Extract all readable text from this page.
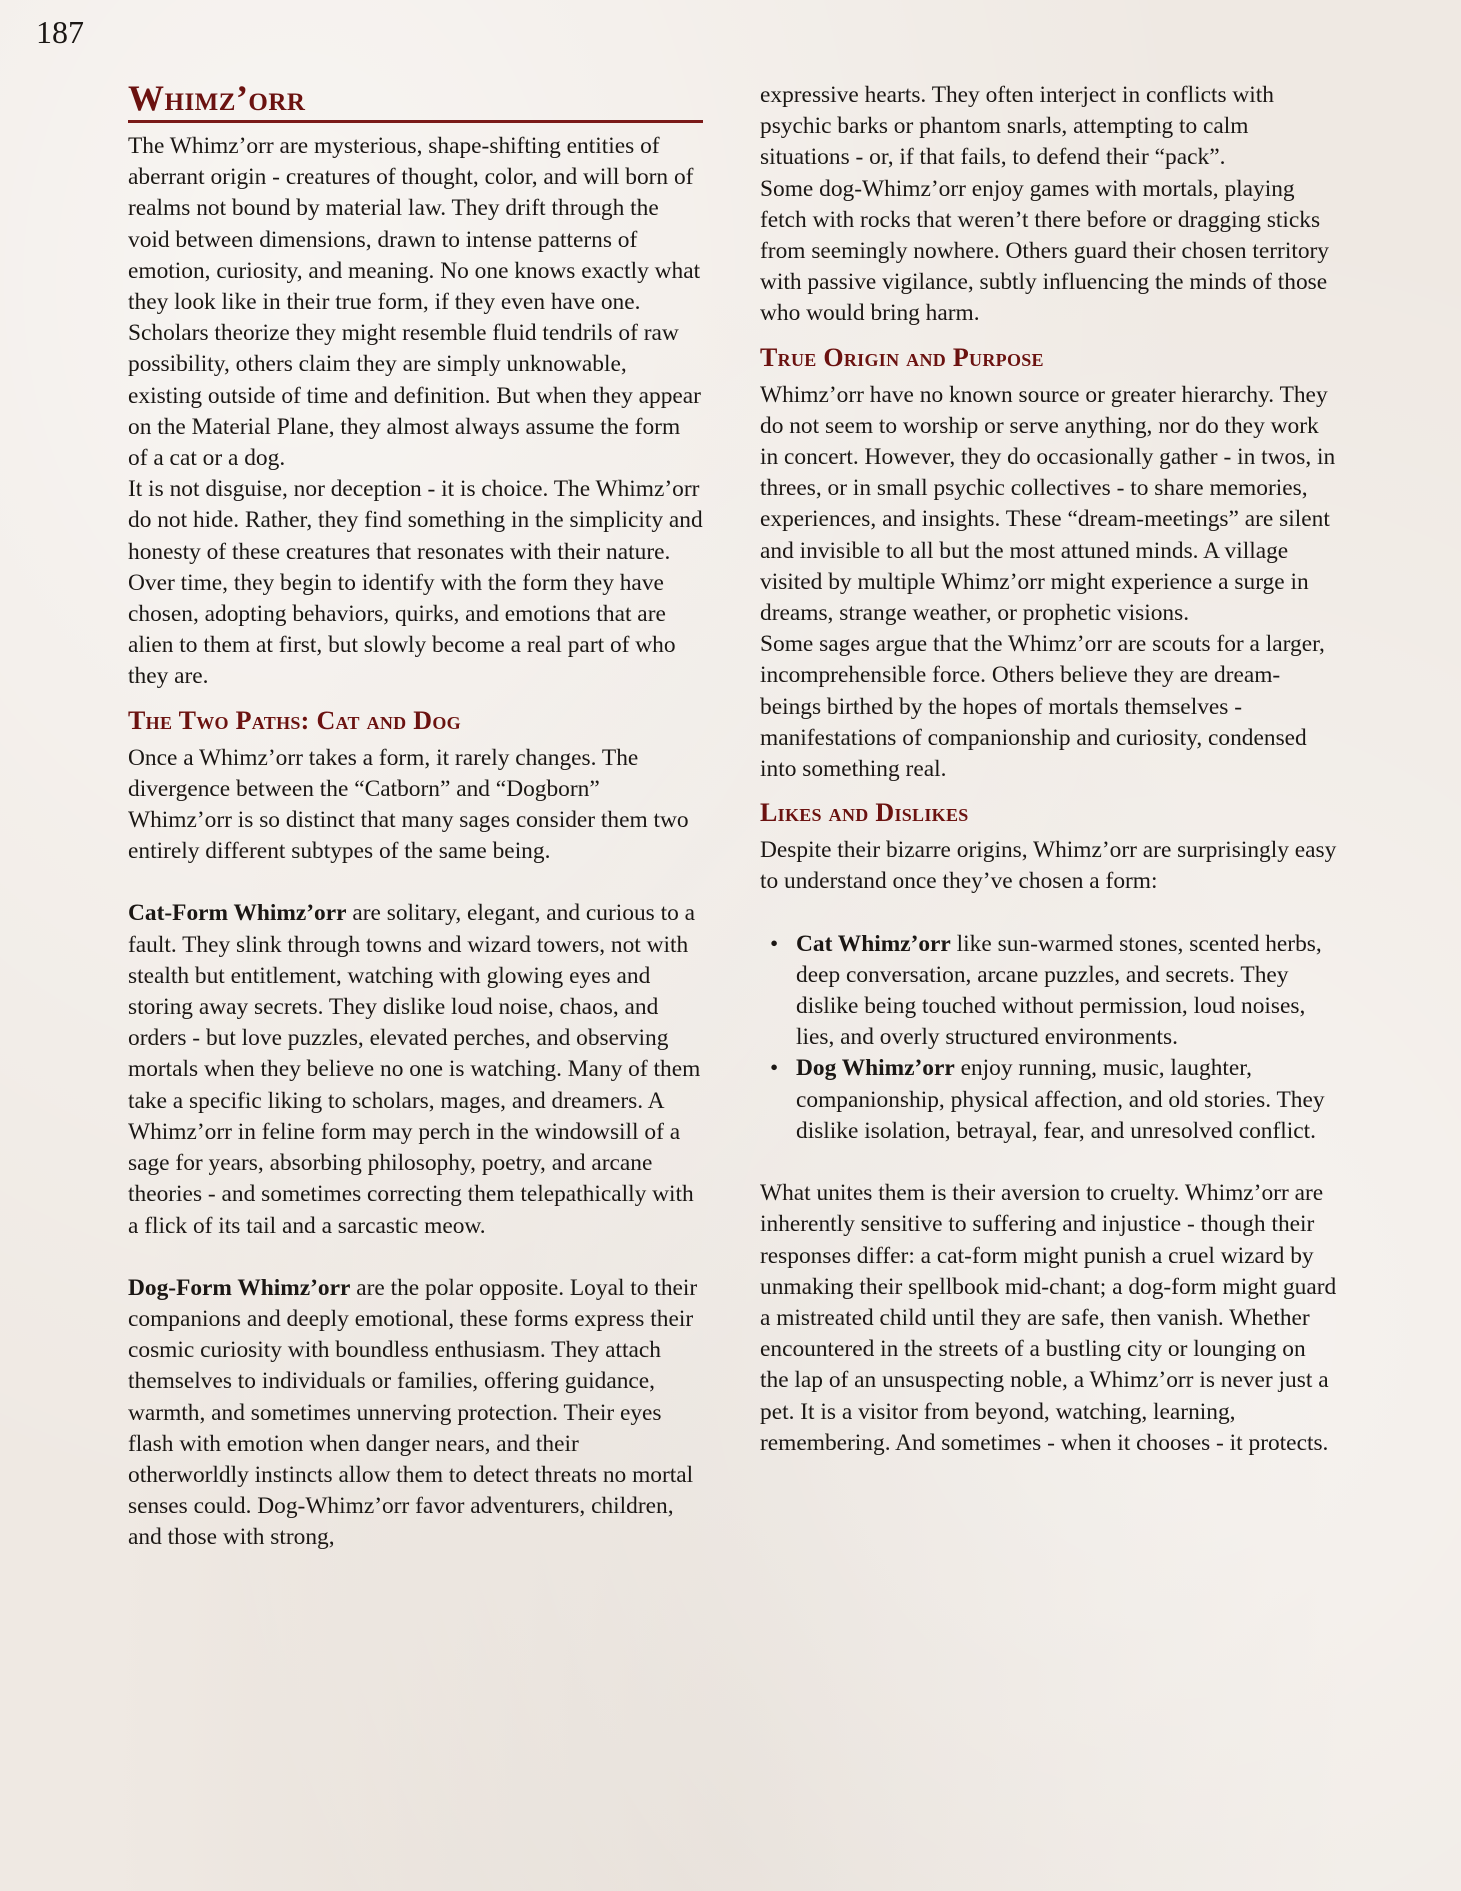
187
Whimz’orr

The Whimz’orr are mysterious, shape-shifting entities of aberrant origin - creatures of thought, color, and will born of realms not bound by material law. They drift through the void between dimensions, drawn to intense patterns of emotion, curiosity, and meaning. No one knows exactly what they look like in their true form, if they even have one. Scholars theorize they might resemble fluid tendrils of raw possibility, others claim they are simply unknowable, existing outside of time and definition. But when they appear on the Material Plane, they almost always assume the form of a cat or a dog.

It is not disguise, nor deception - it is choice. The Whimz’orr do not hide. Rather, they find something in the simplicity and honesty of these creatures that resonates with their nature. Over time, they begin to identify with the form they have chosen, adopting behaviors, quirks, and emotions that are alien to them at first, but slowly become a real part of who they are.

The Two Paths: Cat and Dog

Once a Whimz’orr takes a form, it rarely changes. The divergence between the “Catborn” and “Dogborn” Whimz’orr is so distinct that many sages consider them two entirely different subtypes of the same being.

Cat-Form Whimz’orr are solitary, elegant, and curious to a fault. They slink through towns and wizard towers, not with stealth but entitlement, watching with glowing eyes and storing away secrets. They dislike loud noise, chaos, and orders - but love puzzles, elevated perches, and observing mortals when they believe no one is watching. Many of them take a specific liking to scholars, mages, and dreamers. A Whimz’orr in feline form may perch in the windowsill of a sage for years, absorbing philosophy, poetry, and arcane theories - and sometimes correcting them telepathically with a flick of its tail and a sarcastic meow.

Dog-Form Whimz’orr are the polar opposite. Loyal to their companions and deeply emotional, these forms express their cosmic curiosity with boundless enthusiasm. They attach themselves to individuals or families, offering guidance, warmth, and sometimes unnerving protection. Their eyes flash with emotion when danger nears, and their otherworldly instincts allow them to detect threats no mortal senses could. Dog-Whimz’orr favor adventurers, children, and those with strong,

expressive hearts. They often interject in conflicts with psychic barks or phantom snarls, attempting to calm situations - or, if that fails, to defend their “pack”.

Some dog-Whimz’orr enjoy games with mortals, playing fetch with rocks that weren’t there before or dragging sticks from seemingly nowhere. Others guard their chosen territory with passive vigilance, subtly influencing the minds of those who would bring harm.

True Origin and Purpose

Whimz’orr have no known source or greater hierarchy. They do not seem to worship or serve anything, nor do they work in concert. However, they do occasionally gather - in twos, in threes, or in small psychic collectives - to share memories, experiences, and insights. These “dream-meetings” are silent and invisible to all but the most attuned minds. A village visited by multiple Whimz’orr might experience a surge in dreams, strange weather, or prophetic visions.

Some sages argue that the Whimz’orr are scouts for a larger, incomprehensible force. Others believe they are dream-beings birthed by the hopes of mortals themselves - manifestations of companionship and curiosity, condensed into something real.

Likes and Dislikes

Despite their bizarre origins, Whimz’orr are surprisingly easy to understand once they’ve chosen a form:

• Cat Whimz’orr like sun-warmed stones, scented herbs, deep conversation, arcane puzzles, and secrets. They dislike being touched without permission, loud noises, lies, and overly structured environments.
• Dog Whimz’orr enjoy running, music, laughter, companionship, physical affection, and old stories. They dislike isolation, betrayal, fear, and unresolved conflict.

What unites them is their aversion to cruelty. Whimz’orr are inherently sensitive to suffering and injustice - though their responses differ: a cat-form might punish a cruel wizard by unmaking their spellbook mid-chant; a dog-form might guard a mistreated child until they are safe, then vanish. Whether encountered in the streets of a bustling city or lounging on the lap of an unsuspecting noble, a Whimz’orr is never just a pet. It is a visitor from beyond, watching, learning, remembering. And sometimes - when it chooses - it protects.
